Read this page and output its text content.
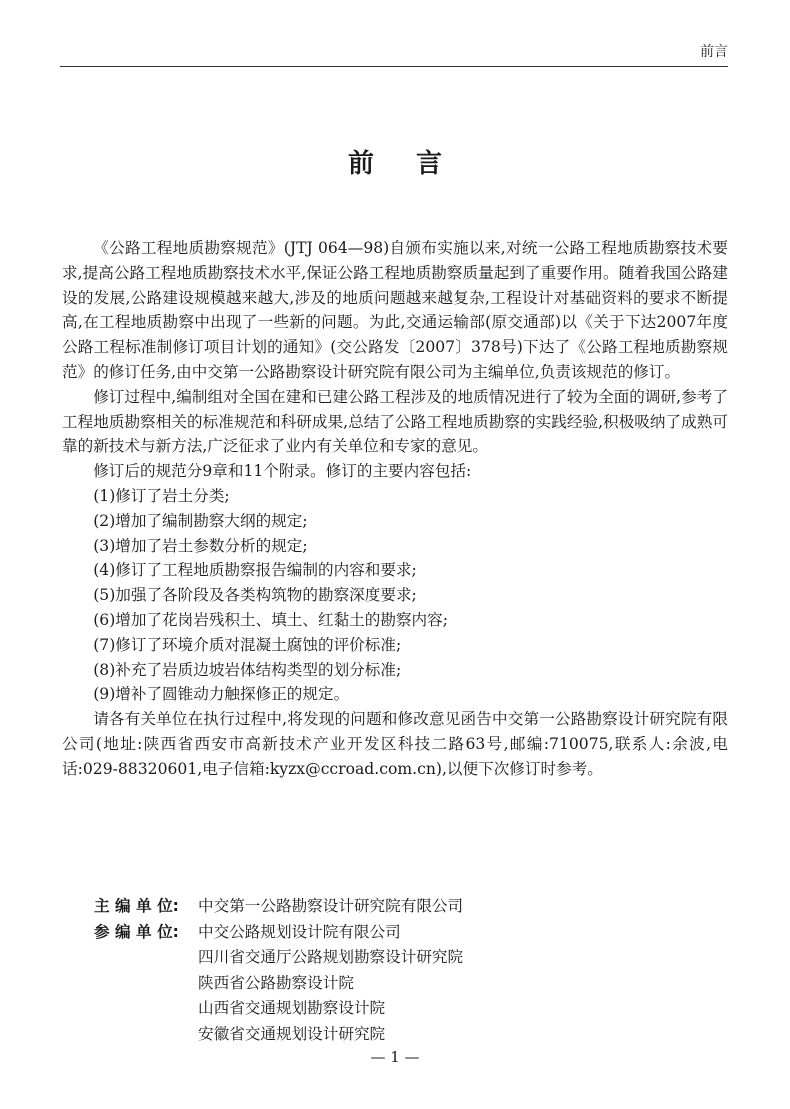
前言
前言

《公路工程地质勘察规范》(JTJ 064—98)自颁布实施以来,对统一公路工程地质勘察技术要求,提高公路工程地质勘察技术水平,保证公路工程地质勘察质量起到了重要作用。随着我国公路建设的发展,公路建设规模越来越大,涉及的地质问题越来越复杂,工程设计对基础资料的要求不断提高,在工程地质勘察中出现了一些新的问题。为此,交通运输部(原交通部)以《关于下达2007年度公路工程标准制修订项目计划的通知》(交公路发〔2007〕378号)下达了《公路工程地质勘察规范》的修订任务,由中交第一公路勘察设计研究院有限公司为主编单位,负责该规范的修订。

修订过程中,编制组对全国在建和已建公路工程涉及的地质情况进行了较为全面的调研,参考了工程地质勘察相关的标准规范和科研成果,总结了公路工程地质勘察的实践经验,积极吸纳了成熟可靠的新技术与新方法,广泛征求了业内有关单位和专家的意见。

修订后的规范分9章和11个附录。修订的主要内容包括:

(1)修订了岩土分类;

(2)增加了编制勘察大纲的规定;

(3)增加了岩土参数分析的规定;

(4)修订了工程地质勘察报告编制的内容和要求;

(5)加强了各阶段及各类构筑物的勘察深度要求;

(6)增加了花岗岩残积土、填土、红黏土的勘察内容;

(7)修订了环境介质对混凝土腐蚀的评价标准;

(8)补充了岩质边坡岩体结构类型的划分标准;

(9)增补了圆锥动力触探修正的规定。

请各有关单位在执行过程中,将发现的问题和修改意见函告中交第一公路勘察设计研究院有限公司(地址:陕西省西安市高新技术产业开发区科技二路63号,邮编:710075,联系人:余波,电话:029-88320601,电子信箱:kyzx@ccroad.com.cn),以便下次修订时参考。

主 编 单 位:	中交第一公路勘察设计研究院有限公司
参 编 单 位:	中交公路规划设计院有限公司
四川省交通厅公路规划勘察设计研究院
陕西省公路勘察设计院
山西省交通规划勘察设计院
安徽省交通规划设计研究院
— 1 —
